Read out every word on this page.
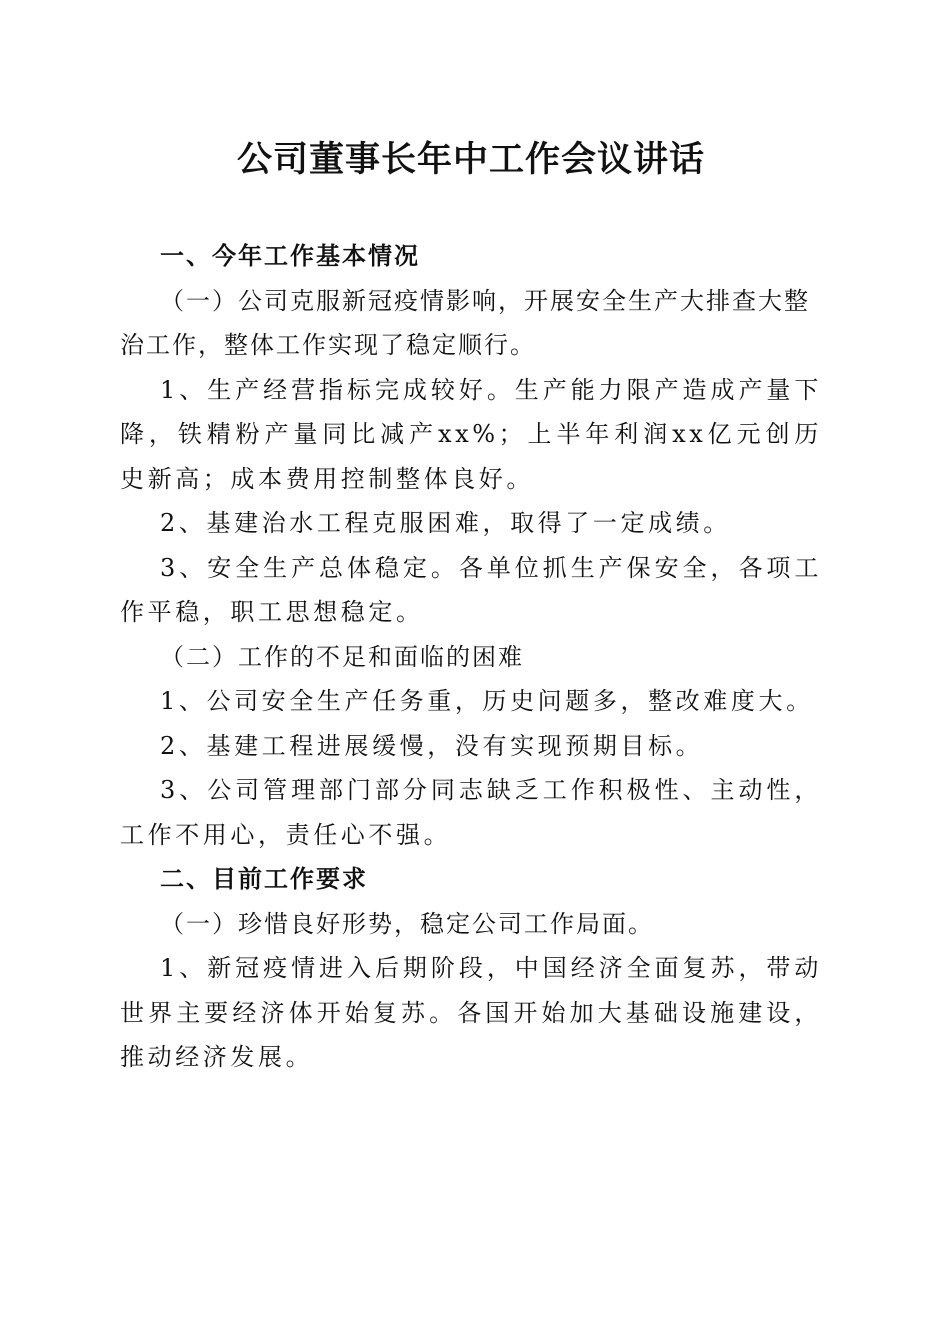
公司董事长年中工作会议讲话

一、今年工作基本情况

（一）公司克服新冠疫情影响，开展安全生产大排查大整治工作，整体工作实现了稳定顺行。

1、生产经营指标完成较好。生产能力限产造成产量下降，铁精粉产量同比减产xx%；上半年利润xx亿元创历史新高；成本费用控制整体良好。

2、基建治水工程克服困难，取得了一定成绩。

3、安全生产总体稳定。各单位抓生产保安全，各项工作平稳，职工思想稳定。

（二）工作的不足和面临的困难

1、公司安全生产任务重，历史问题多，整改难度大。

2、基建工程进展缓慢，没有实现预期目标。

3、公司管理部门部分同志缺乏工作积极性、主动性，工作不用心，责任心不强。

二、目前工作要求

（一）珍惜良好形势，稳定公司工作局面。

1、新冠疫情进入后期阶段，中国经济全面复苏，带动世界主要经济体开始复苏。各国开始加大基础设施建设，推动经济发展。
